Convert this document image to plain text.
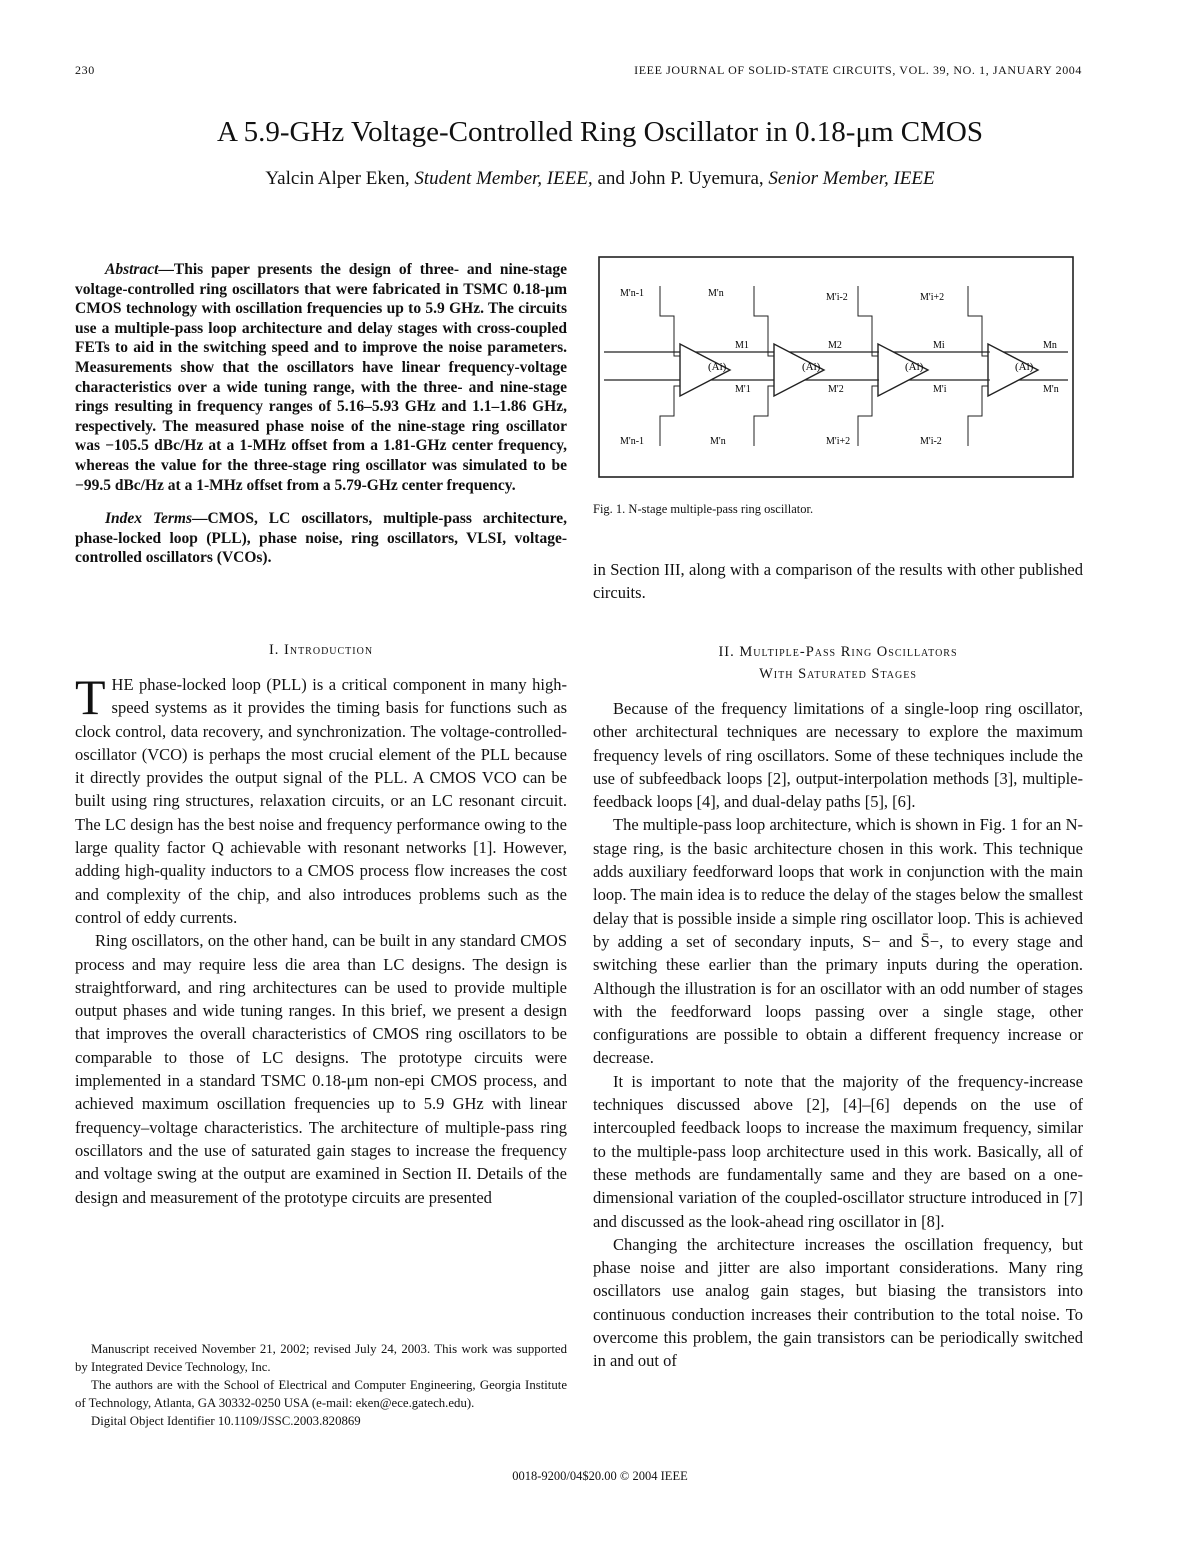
230	IEEE JOURNAL OF SOLID-STATE CIRCUITS, VOL. 39, NO. 1, JANUARY 2004
A 5.9-GHz Voltage-Controlled Ring Oscillator in 0.18-μm CMOS
Yalcin Alper Eken, Student Member, IEEE, and John P. Uyemura, Senior Member, IEEE

Abstract—This paper presents the design of three- and nine-stage voltage-controlled ring oscillators that were fabricated in TSMC 0.18-μm CMOS technology with oscillation frequencies up to 5.9 GHz. The circuits use a multiple-pass loop architecture and delay stages with cross-coupled FETs to aid in the switching speed and to improve the noise parameters. Measurements show that the oscillators have linear frequency-voltage characteristics over a wide tuning range, with the three- and nine-stage rings resulting in frequency ranges of 5.16–5.93 GHz and 1.1–1.86 GHz, respectively. The measured phase noise of the nine-stage ring oscillator was −105.5 dBc/Hz at a 1-MHz offset from a 1.81-GHz center frequency, whereas the value for the three-stage ring oscillator was simulated to be −99.5 dBc/Hz at a 1-MHz offset from a 5.79-GHz center frequency.

Index Terms—CMOS, LC oscillators, multiple-pass architecture, phase-locked loop (PLL), phase noise, ring oscillators, VLSI, voltage-controlled oscillators (VCOs).

I. Introduction

THE phase-locked loop (PLL) is a critical component in many high-speed systems as it provides the timing basis for functions such as clock control, data recovery, and synchronization. The voltage-controlled-oscillator (VCO) is perhaps the most crucial element of the PLL because it directly provides the output signal of the PLL. A CMOS VCO can be built using ring structures, relaxation circuits, or an LC resonant circuit. The LC design has the best noise and frequency performance owing to the large quality factor Q achievable with resonant networks [1]. However, adding high-quality inductors to a CMOS process flow increases the cost and complexity of the chip, and also introduces problems such as the control of eddy currents.

Ring oscillators, on the other hand, can be built in any standard CMOS process and may require less die area than LC designs. The design is straightforward, and ring architectures can be used to provide multiple output phases and wide tuning ranges. In this brief, we present a design that improves the overall characteristics of CMOS ring oscillators to be comparable to those of LC designs. The prototype circuits were implemented in a standard TSMC 0.18-μm non-epi CMOS process, and achieved maximum oscillation frequencies up to 5.9 GHz with linear frequency–voltage characteristics. The architecture of multiple-pass ring oscillators and the use of saturated gain stages to increase the frequency and voltage swing at the output are examined in Section II. Details of the design and measurement of the prototype circuits are presented

Manuscript received November 21, 2002; revised July 24, 2003. This work was supported by Integrated Device Technology, Inc.

The authors are with the School of Electrical and Computer Engineering, Georgia Institute of Technology, Atlanta, GA 30332-0250 USA (e-mail: eken@ece.gatech.edu).

Digital Object Identifier 10.1109/JSSC.2003.820869

(Ai)	(Ai)	(Ai)	(Ai)
M'n-1	M'n	M'i-2	M'i+2
M'n-1	M'n	M'i+2	M'i-2
M1	M2	Mi	Mn
M'1	M'2	M'i	M'n
Fig. 1. N-stage multiple-pass ring oscillator.
in Section III, along with a comparison of the results with other published circuits.
II. Multiple-Pass Ring Oscillators
With Saturated Stages

Because of the frequency limitations of a single-loop ring oscillator, other architectural techniques are necessary to explore the maximum frequency levels of ring oscillators. Some of these techniques include the use of subfeedback loops [2], output-interpolation methods [3], multiple-feedback loops [4], and dual-delay paths [5], [6].

The multiple-pass loop architecture, which is shown in Fig. 1 for an N-stage ring, is the basic architecture chosen in this work. This technique adds auxiliary feedforward loops that work in conjunction with the main loop. The main idea is to reduce the delay of the stages below the smallest delay that is possible inside a simple ring oscillator loop. This is achieved by adding a set of secondary inputs, S− and S̄−, to every stage and switching these earlier than the primary inputs during the operation. Although the illustration is for an oscillator with an odd number of stages with the feedforward loops passing over a single stage, other configurations are possible to obtain a different frequency increase or decrease.

It is important to note that the majority of the frequency-increase techniques discussed above [2], [4]–[6] depends on the use of intercoupled feedback loops to increase the maximum frequency, similar to the multiple-pass loop architecture used in this work. Basically, all of these methods are fundamentally same and they are based on a one-dimensional variation of the coupled-oscillator structure introduced in [7] and discussed as the look-ahead ring oscillator in [8].

Changing the architecture increases the oscillation frequency, but phase noise and jitter are also important considerations. Many ring oscillators use analog gain stages, but biasing the transistors into continuous conduction increases their contribution to the total noise. To overcome this problem, the gain transistors can be periodically switched in and out of

0018-9200/04$20.00 © 2004 IEEE
